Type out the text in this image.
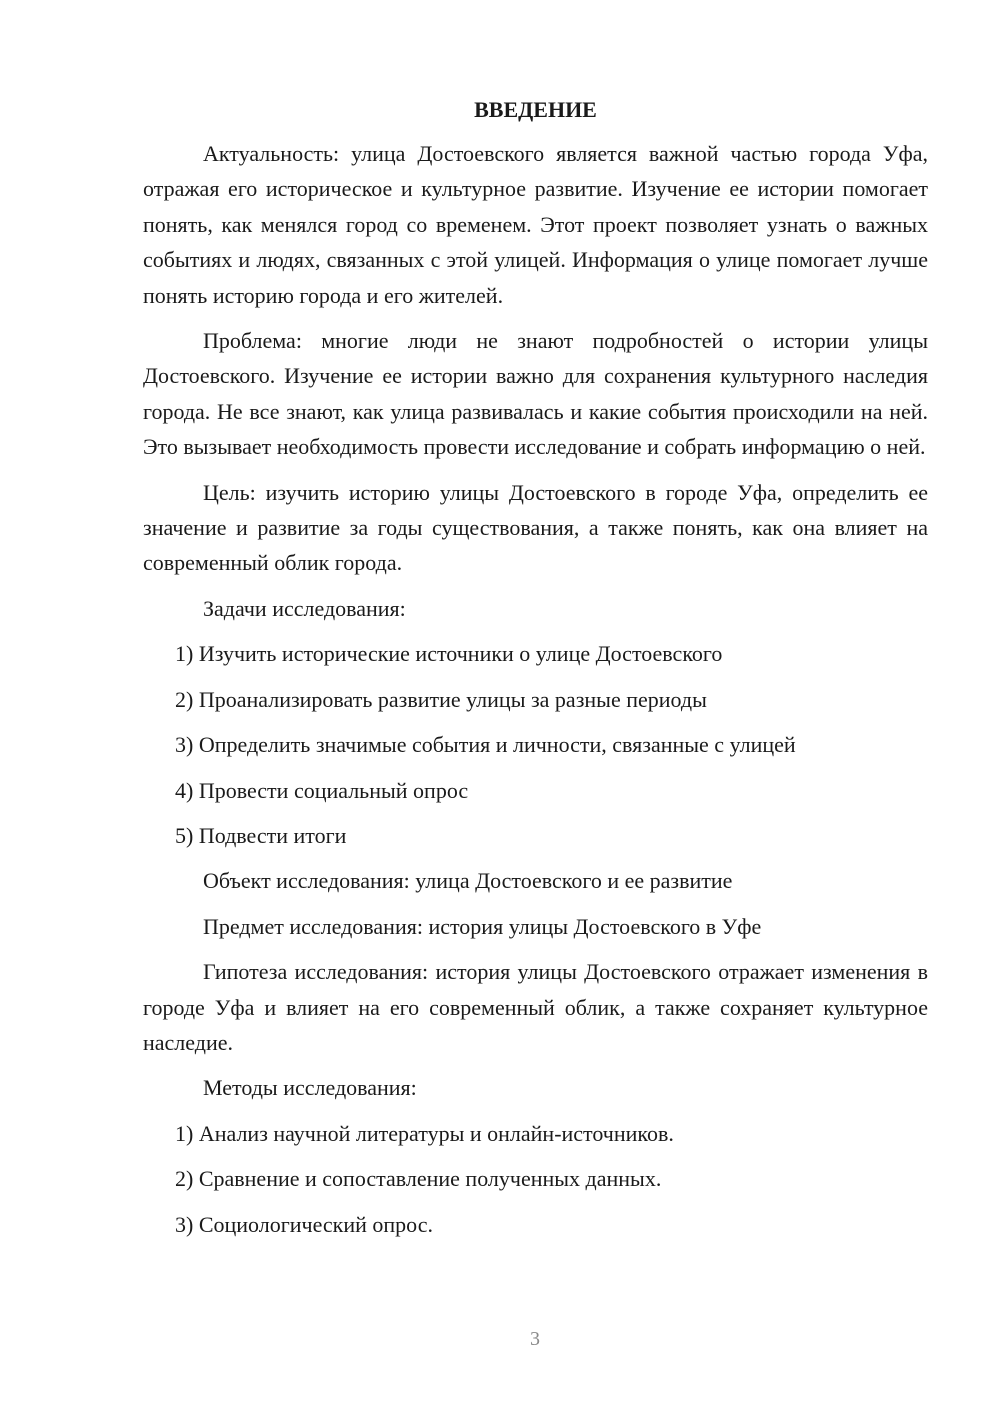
ВВЕДЕНИЕ

Актуальность: улица Достоевского является важной частью города Уфа, отражая его историческое и культурное развитие. Изучение ее истории помогает понять, как менялся город со временем. Этот проект позволяет узнать о важных событиях и людях, связанных с этой улицей. Информация о улице помогает лучше понять историю города и его жителей.

Проблема: многие люди не знают подробностей о истории улицы Достоевского. Изучение ее истории важно для сохранения культурного наследия города. Не все знают, как улица развивалась и какие события происходили на ней. Это вызывает необходимость провести исследование и собрать информацию о ней.

Цель: изучить историю улицы Достоевского в городе Уфа, определить ее значение и развитие за годы существования, а также понять, как она влияет на современный облик города.

Задачи исследования:

1) Изучить исторические источники о улице Достоевского
2) Проанализировать развитие улицы за разные периоды
3) Определить значимые события и личности, связанные с улицей
4) Провести социальный опрос
5) Подвести итоги

Объект исследования: улица Достоевского и ее развитие

Предмет исследования: история улицы Достоевского в Уфе

Гипотеза исследования: история улицы Достоевского отражает изменения в городе Уфа и влияет на его современный облик, а также сохраняет культурное наследие.

Методы исследования:

1) Анализ научной литературы и онлайн-источников.
2) Сравнение и сопоставление полученных данных.
3) Социологический опрос.
3
